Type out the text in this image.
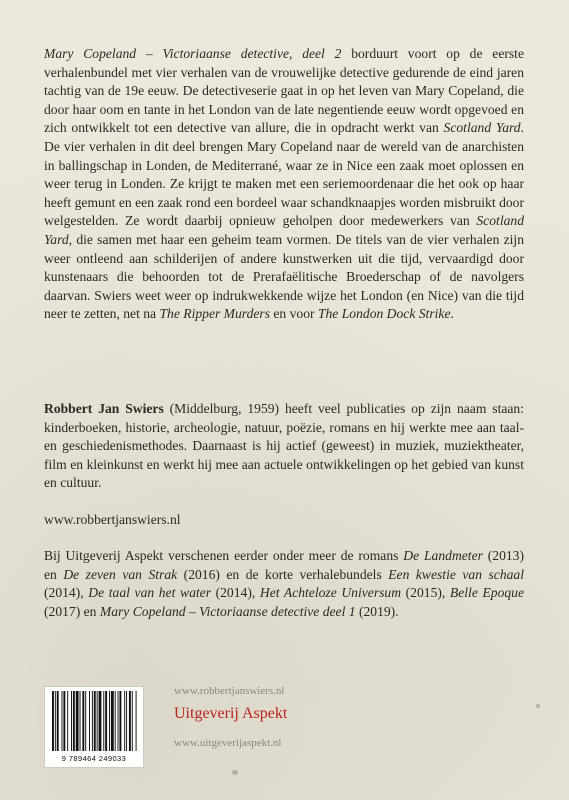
Mary Copeland – Victoriaanse detective, deel 2 borduurt voort op de eerste verhalenbundel met vier verhalen van de vrouwelijke detective gedurende de eind jaren tachtig van de 19e eeuw. De detectiveserie gaat in op het leven van Mary Copeland, die door haar oom en tante in het London van de late negentiende eeuw wordt opgevoed en zich ontwikkelt tot een detective van allure, die in opdracht werkt van Scotland Yard. De vier verhalen in dit deel brengen Mary Copeland naar de wereld van de anarchisten in ballingschap in Londen, de Mediterrané, waar ze in Nice een zaak moet oplossen en weer terug in Londen. Ze krijgt te maken met een seriemoordenaar die het ook op haar heeft gemunt en een zaak rond een bordeel waar schandknaapjes worden misbruikt door welgestelden. Ze wordt daarbij opnieuw geholpen door medewerkers van Scotland Yard, die samen met haar een geheim team vormen. De titels van de vier verhalen zijn weer ontleend aan schilderijen of andere kunstwerken uit die tijd, vervaardigd door kunstenaars die behoorden tot de Prerafaëlitische Broederschap of de navolgers daarvan. Swiers weet weer op indrukwekkende wijze het London (en Nice) van die tijd neer te zetten, net na The Ripper Murders en voor The London Dock Strike.

Robbert Jan Swiers (Middelburg, 1959) heeft veel publicaties op zijn naam staan: kinderboeken, historie, archeologie, natuur, poëzie, romans en hij werkte mee aan taal- en geschiedenismethodes. Daarnaast is hij actief (geweest) in muziek, muziektheater, film en kleinkunst en werkt hij mee aan actuele ontwikkelingen op het gebied van kunst en cultuur.

www.robbertjanswiers.nl

Bij Uitgeverij Aspekt verschenen eerder onder meer de romans De Landmeter (2013) en De zeven van Strak (2016) en de korte verhalebundels Een kwestie van schaal (2014), De taal van het water (2014), Het Achteloze Universum (2015), Belle Epoque (2017) en Mary Copeland – Victoriaanse detective deel 1 (2019).

9 789464 249033
www.robbertjanswiers.nl
Uitgeverij Aspekt
www.uitgeverijaspekt.nl
